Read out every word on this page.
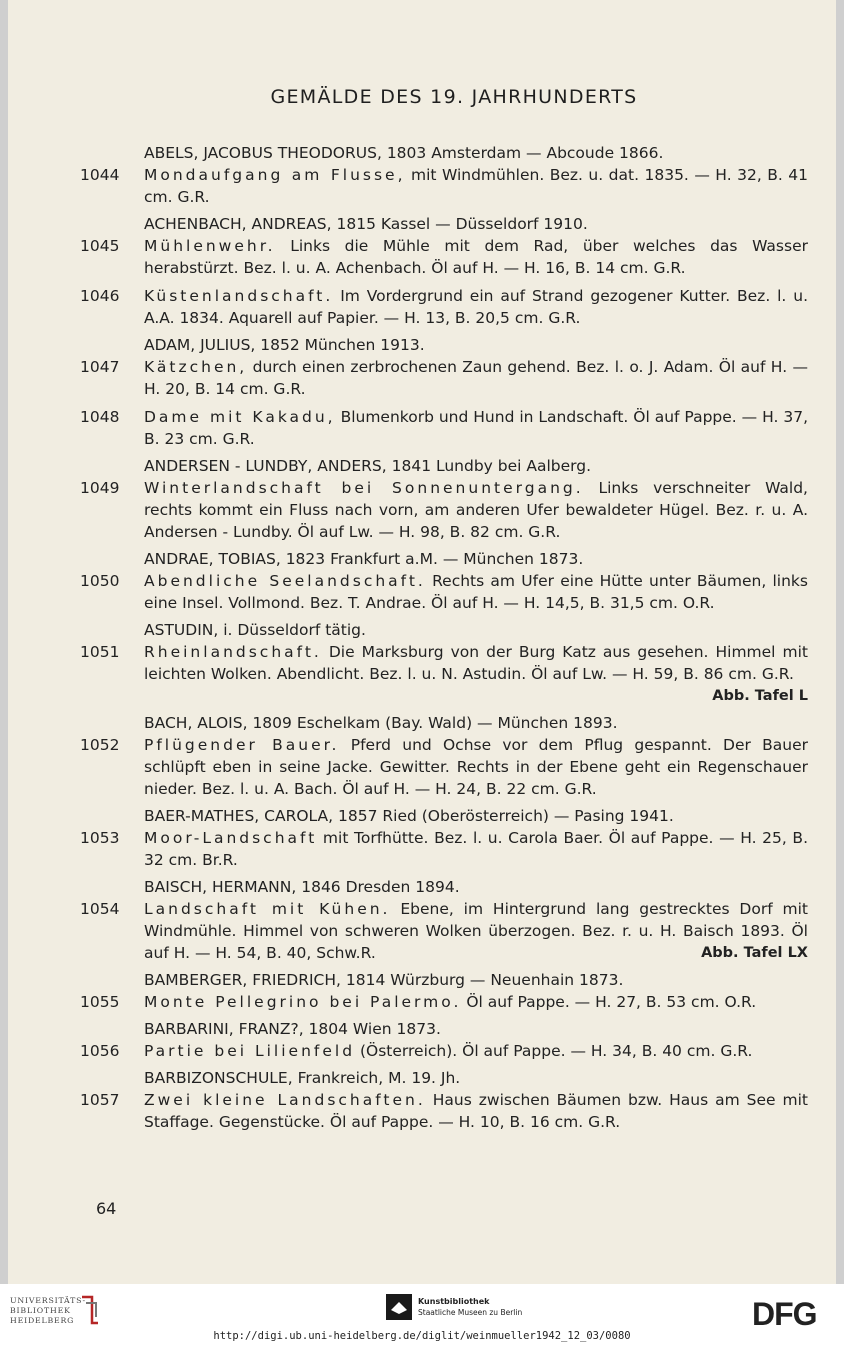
GEMÄLDE DES 19. JAHRHUNDERTS
ABELS, JACOBUS THEODORUS, 1803 Amsterdam — Abcoude 1866.
1044	Mondaufgang am Flusse, mit Windmühlen. Bez. u. dat. 1835. — H. 32, B. 41 cm. G.R.
ACHENBACH, ANDREAS, 1815 Kassel — Düsseldorf 1910.
1045	Mühlenwehr. Links die Mühle mit dem Rad, über welches das Wasser herabstürzt. Bez. l. u. A. Achenbach. Öl auf H. — H. 16, B. 14 cm. G.R.
1046	Küstenlandschaft. Im Vordergrund ein auf Strand gezogener Kutter. Bez. l. u. A.A. 1834. Aquarell auf Papier. — H. 13, B. 20,5 cm. G.R.
ADAM, JULIUS, 1852 München 1913.
1047	Kätzchen, durch einen zerbrochenen Zaun gehend. Bez. l. o. J. Adam. Öl auf H. — H. 20, B. 14 cm. G.R.
1048	Dame mit Kakadu, Blumenkorb und Hund in Landschaft. Öl auf Pappe. — H. 37, B. 23 cm. G.R.
ANDERSEN - LUNDBY, ANDERS, 1841 Lundby bei Aalberg.
1049	Winterlandschaft bei Sonnenuntergang. Links verschneiter Wald, rechts kommt ein Fluss nach vorn, am anderen Ufer bewaldeter Hügel. Bez. r. u. A. Andersen - Lundby. Öl auf Lw. — H. 98, B. 82 cm. G.R.
ANDRAE, TOBIAS, 1823 Frankfurt a.M. — München 1873.
1050	Abendliche Seelandschaft. Rechts am Ufer eine Hütte unter Bäumen, links eine Insel. Vollmond. Bez. T. Andrae. Öl auf H. — H. 14,5, B. 31,5 cm. O.R.
ASTUDIN, i. Düsseldorf tätig.
1051	Rheinlandschaft. Die Marksburg von der Burg Katz aus gesehen. Himmel mit leichten Wolken. Abendlicht. Bez. l. u. N. Astudin. Öl auf Lw. — H. 59, B. 86 cm. G.R.
Abb. Tafel L
BACH, ALOIS, 1809 Eschelkam (Bay. Wald) — München 1893.
1052	Pflügender Bauer. Pferd und Ochse vor dem Pflug gespannt. Der Bauer schlüpft eben in seine Jacke. Gewitter. Rechts in der Ebene geht ein Regenschauer nieder. Bez. l. u. A. Bach. Öl auf H. — H. 24, B. 22 cm. G.R.
BAER-MATHES, CAROLA, 1857 Ried (Oberösterreich) — Pasing 1941.
1053	Moor-Landschaft mit Torfhütte. Bez. l. u. Carola Baer. Öl auf Pappe. — H. 25, B. 32 cm. Br.R.
BAISCH, HERMANN, 1846 Dresden 1894.
1054	Landschaft mit Kühen. Ebene, im Hintergrund lang gestrecktes Dorf mit Windmühle. Himmel von schweren Wolken überzogen. Bez. r. u. H. Baisch 1893. Öl auf H. — H. 54, B. 40, Schw.R.	Abb. Tafel LX
BAMBERGER, FRIEDRICH, 1814 Würzburg — Neuenhain 1873.
1055	Monte Pellegrino bei Palermo. Öl auf Pappe. — H. 27, B. 53 cm. O.R.
BARBARINI, FRANZ?, 1804 Wien 1873.
1056	Partie bei Lilienfeld (Österreich). Öl auf Pappe. — H. 34, B. 40 cm. G.R.
BARBIZONSCHULE, Frankreich, M. 19. Jh.
1057	Zwei kleine Landschaften. Haus zwischen Bäumen bzw. Haus am See mit Staffage. Gegenstücke. Öl auf Pappe. — H. 10, B. 16 cm. G.R.
64
UNIVERSITÄTS-
BIBLIOTHEK
HEIDELBERG
Kunstbibliothek
Staatliche Museen zu Berlin	DFG
http://digi.ub.uni-heidelberg.de/diglit/weinmueller1942_12_03/0080
